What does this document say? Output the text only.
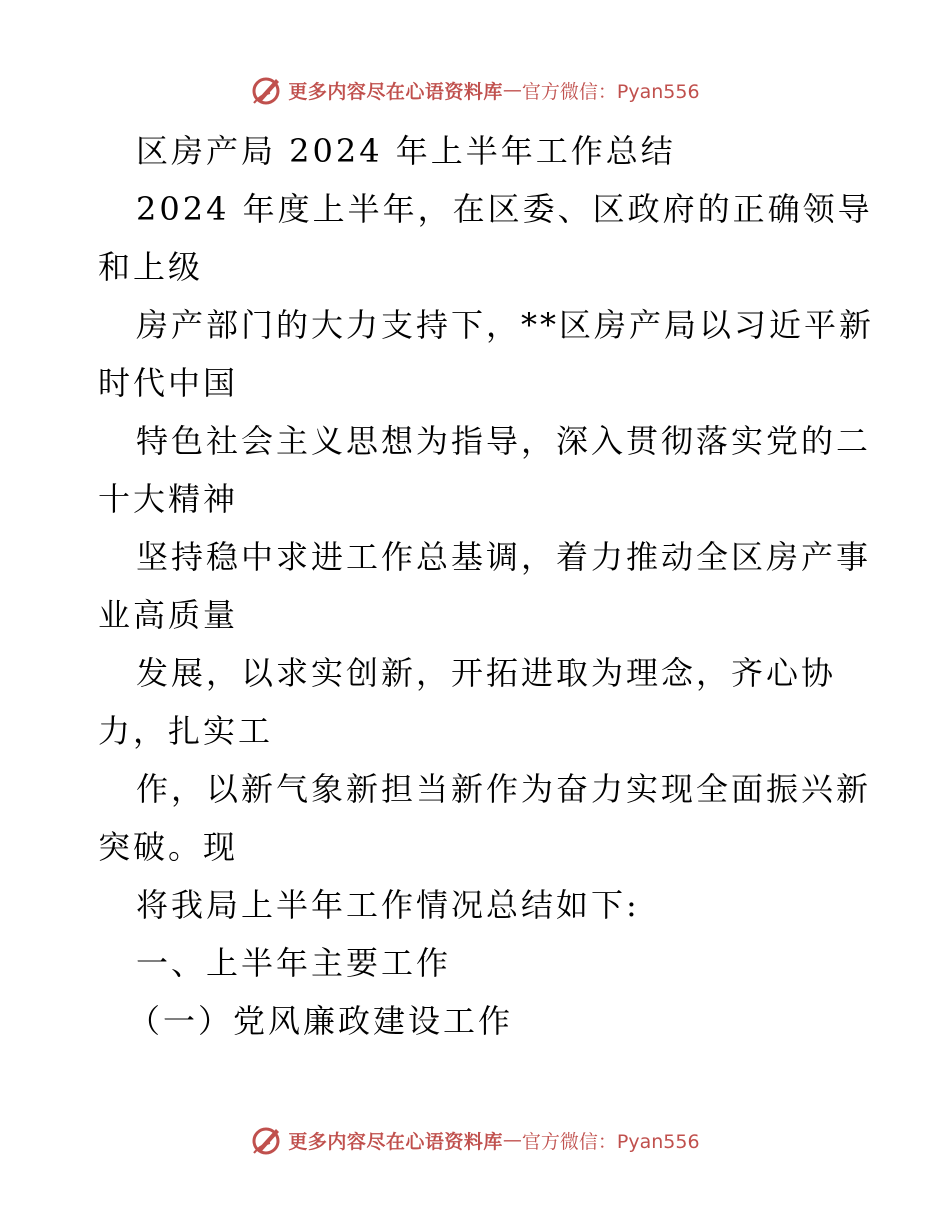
更多内容尽在心语资料库 — 官方微信：Pyan556
区房产局 2024 年上半年工作总结
2024 年度上半年，在区委、区政府的正确领导
和上级
房产部门的大力支持下，**区房产局以习近平新
时代中国
特色社会主义思想为指导，深入贯彻落实党的二
十大精神
坚持稳中求进工作总基调，着力推动全区房产事
业高质量
发展，以求实创新，开拓进取为理念，齐心协
力，扎实工
作，以新气象新担当新作为奋力实现全面振兴新
突破。现
将我局上半年工作情况总结如下:
一、上半年主要工作
（一）党风廉政建设工作
更多内容尽在心语资料库 — 官方微信：Pyan556
